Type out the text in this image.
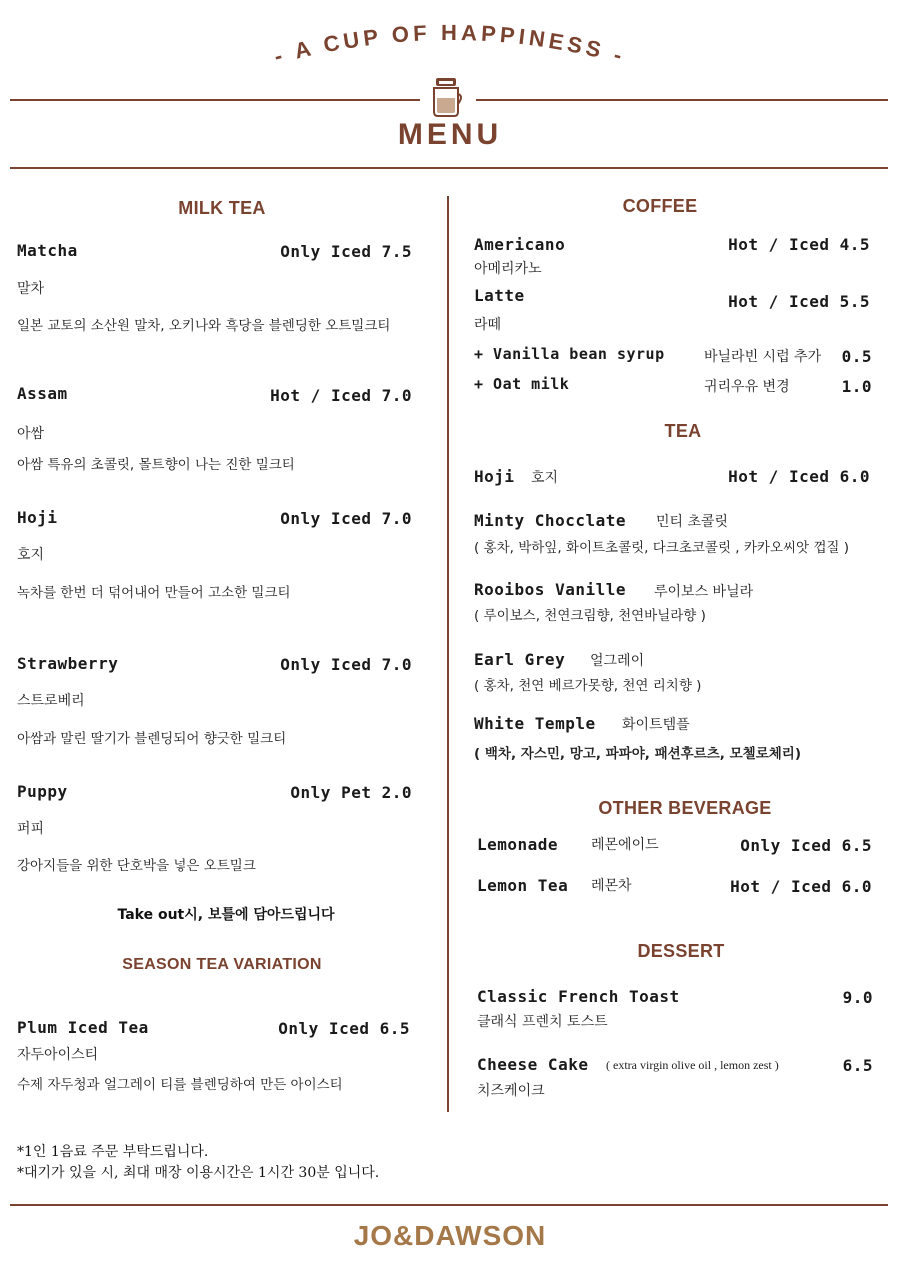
- A CUP OF HAPPINESS -
MENU
MILK TEA
Matcha	Only Iced 7.5
말차
일본 교토의 소산원 말차, 오키나와 흑당을 블렌딩한 오트밀크티
Assam	Hot / Iced 7.0
아쌈
아쌈 특유의 초콜릿, 몰트향이 나는 진한 밀크티
Hoji	Only Iced 7.0
호지
녹차를 한번 더 덖어내어 만들어 고소한 밀크티
Strawberry	Only Iced 7.0
스트로베리
아쌈과 말린 딸기가 블렌딩되어 향긋한 밀크티
Puppy	Only Pet 2.0
퍼피
강아지들을 위한 단호박을 넣은 오트밀크
Take out시, 보틀에 담아드립니다
SEASON TEA VARIATION
Plum Iced Tea	Only Iced 6.5
자두아이스티
수제 자두청과 얼그레이 티를 블렌딩하여 만든 아이스티
COFFEE
Americano	Hot / Iced 4.5
아메리카노
Latte	Hot / Iced 5.5
라떼
+ Vanilla bean syrup	바닐라빈 시럽 추가	0.5
+ Oat milk	귀리우유 변경	1.0
TEA
Hoji 호지	Hot / Iced 6.0
Minty Chocclate 민티 초콜릿
( 홍차, 박하잎, 화이트초콜릿, 다크초코콜릿 , 카카오씨앗 껍질 )
Rooibos Vanille 루이보스 바닐라
( 루이보스, 천연크림향, 천연바닐라향 )
Earl Grey 얼그레이
( 홍차, 천연 베르가못향, 천연 리치향 )
White Temple 화이트템플
( 백차, 자스민, 망고, 파파야, 패션후르츠, 모첼로체리)
OTHER BEVERAGE
Lemonade 레몬에이드	Only Iced 6.5
Lemon Tea 레몬차	Hot / Iced 6.0
DESSERT
Classic French Toast	9.0
클래식 프렌치 토스트
Cheese Cake ( extra virgin olive oil , lemon zest )	6.5
치즈케이크
*1인 1음료 주문 부탁드립니다.
*대기가 있을 시, 최대 매장 이용시간은 1시간 30분 입니다.
JO&DAWSON
